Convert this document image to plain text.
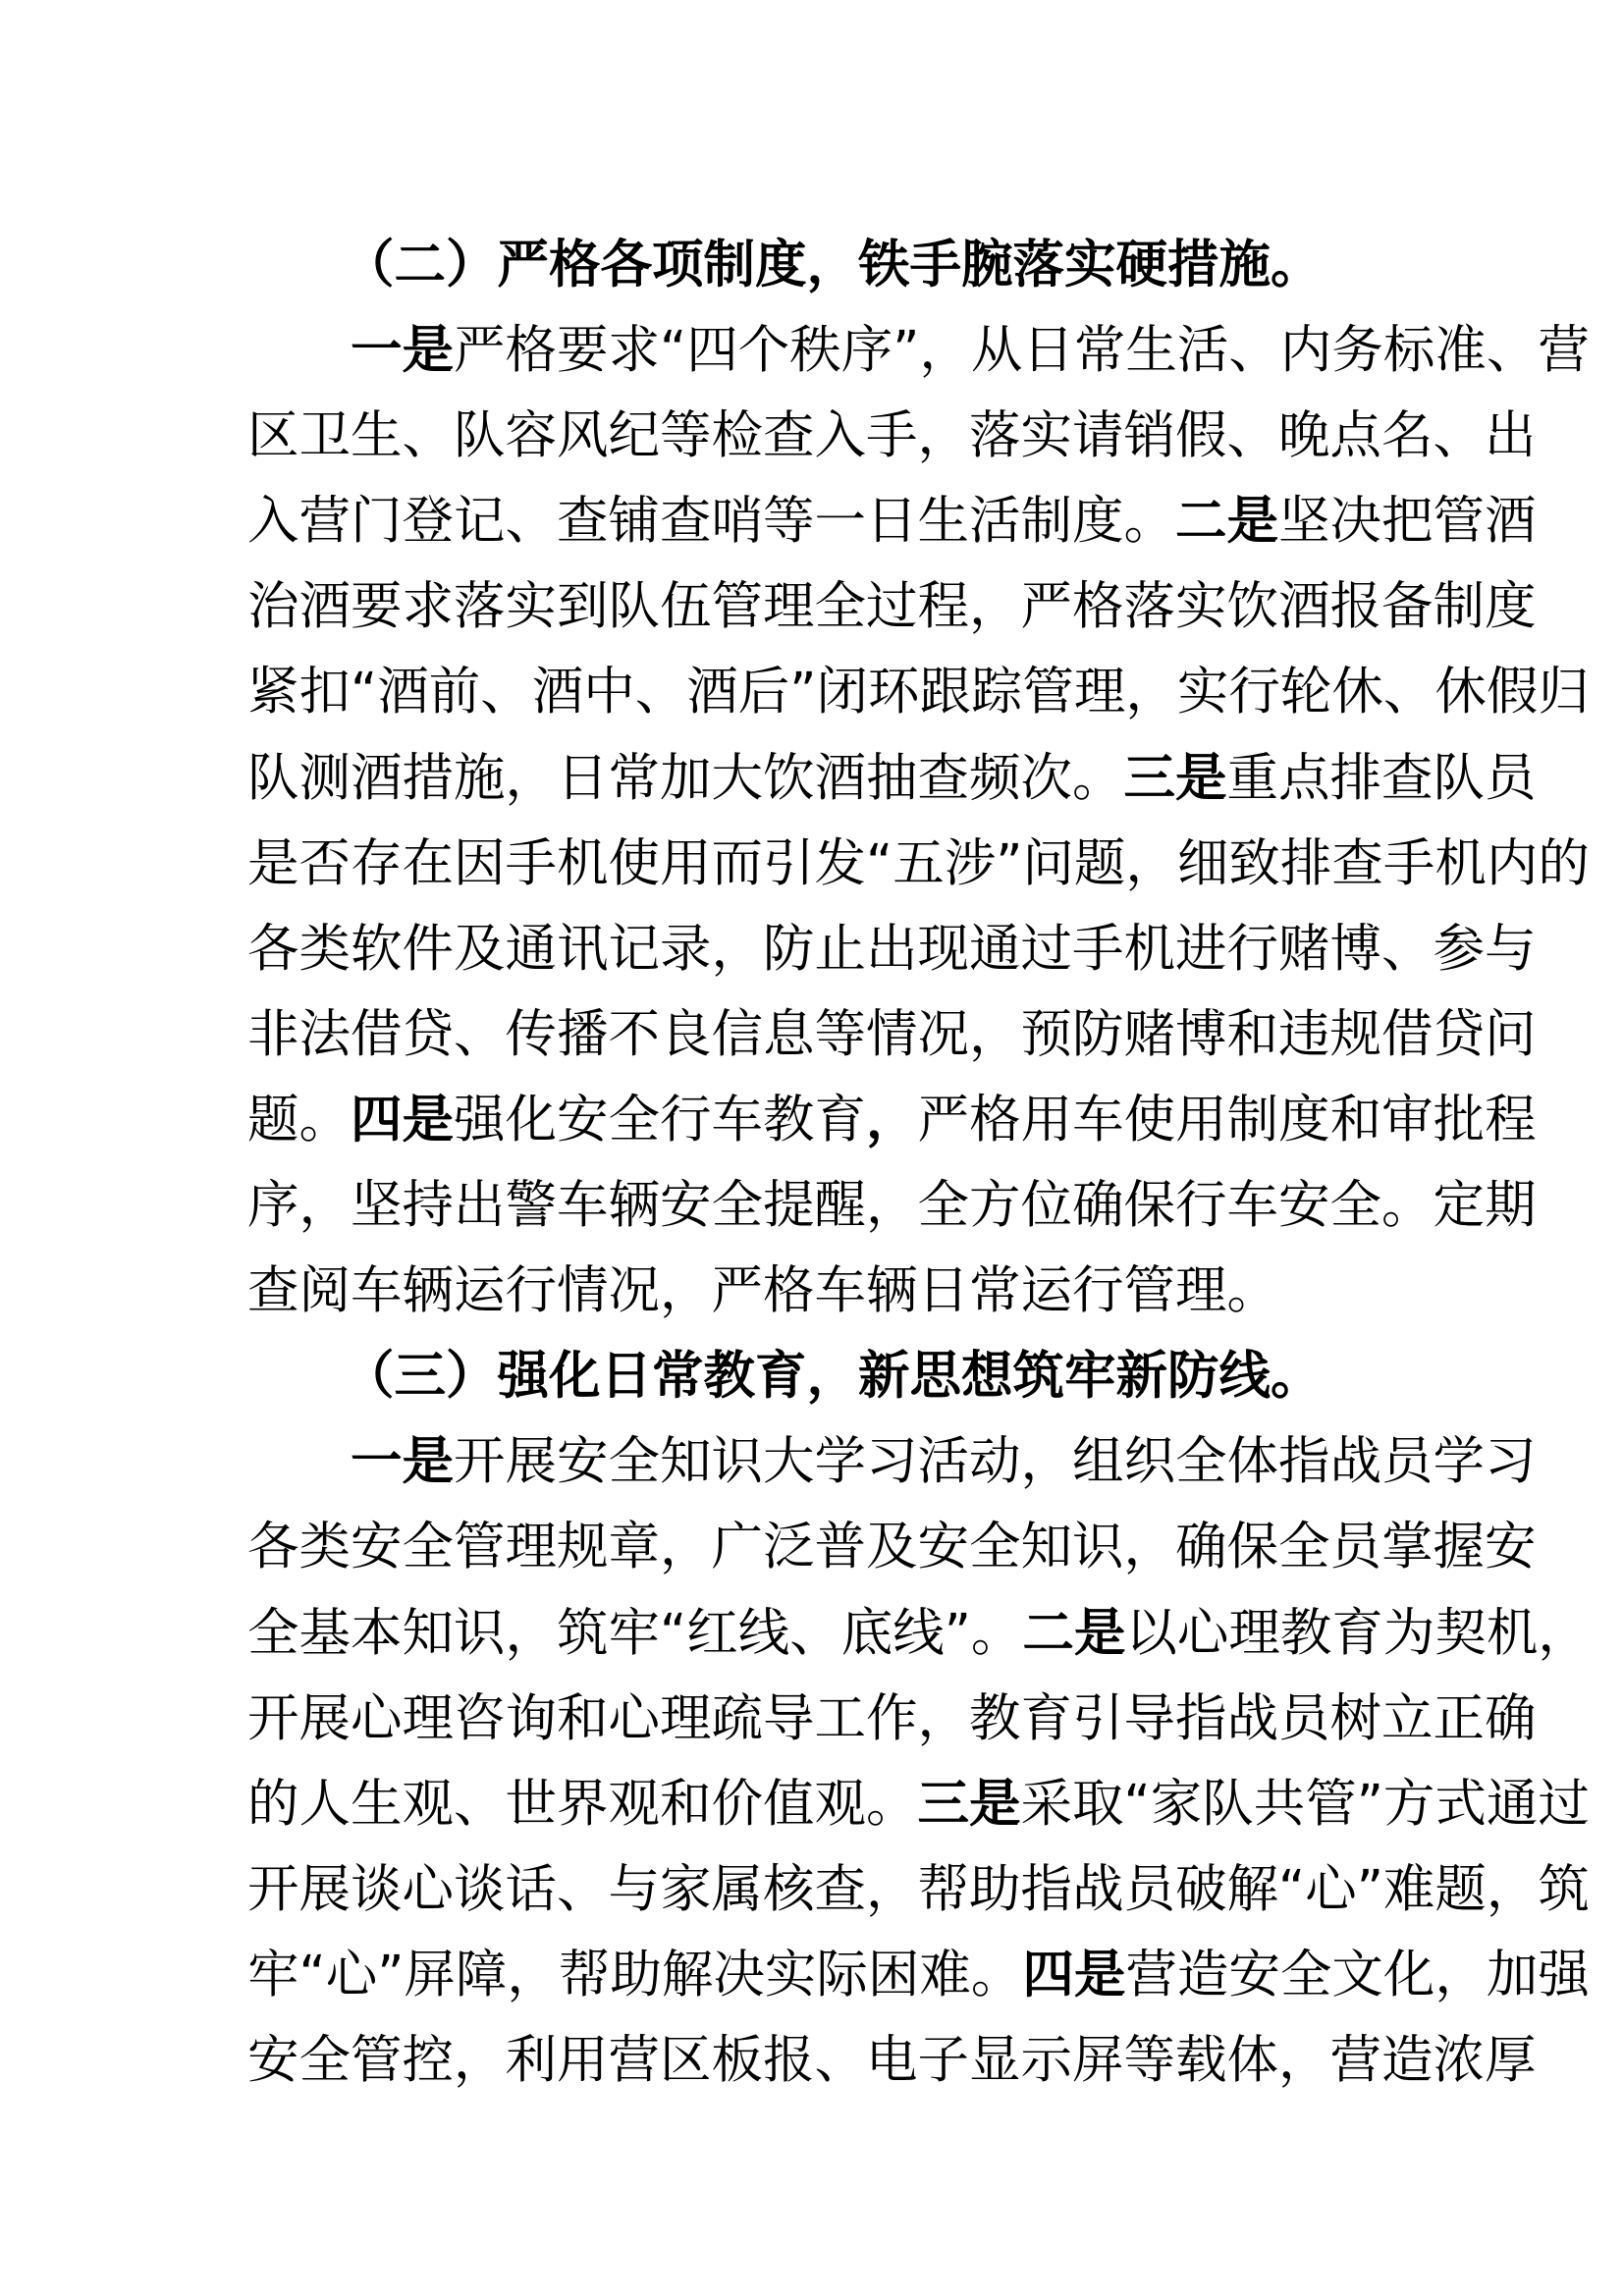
（二）严格各项制度，铁手腕落实硬措施。
一是严格要求“四个秩序”，从日常生活、内务标准、营
区卫生、队容风纪等检查入手，落实请销假、晚点名、出
入营门登记、查铺查哨等一日生活制度。二是坚决把管酒
治酒要求落实到队伍管理全过程，严格落实饮酒报备制度
紧扣“酒前、酒中、酒后”闭环跟踪管理，实行轮休、休假归
队测酒措施，日常加大饮酒抽查频次。三是重点排查队员
是否存在因手机使用而引发“五涉”问题，细致排查手机内的
各类软件及通讯记录，防止出现通过手机进行赌博、参与
非法借贷、传播不良信息等情况，预防赌博和违规借贷问
题。四是强化安全行车教育，严格用车使用制度和审批程
序，坚持出警车辆安全提醒，全方位确保行车安全。定期
查阅车辆运行情况，严格车辆日常运行管理。
（三）强化日常教育，新思想筑牢新防线。
一是开展安全知识大学习活动，组织全体指战员学习
各类安全管理规章，广泛普及安全知识，确保全员掌握安
全基本知识，筑牢“红线、底线”。二是以心理教育为契机，
开展心理咨询和心理疏导工作，教育引导指战员树立正确
的人生观、世界观和价值观。三是采取“家队共管”方式通过
开展谈心谈话、与家属核查，帮助指战员破解“心”难题，筑
牢“心”屏障，帮助解决实际困难。四是营造安全文化，加强
安全管控，利用营区板报、电子显示屏等载体，营造浓厚
